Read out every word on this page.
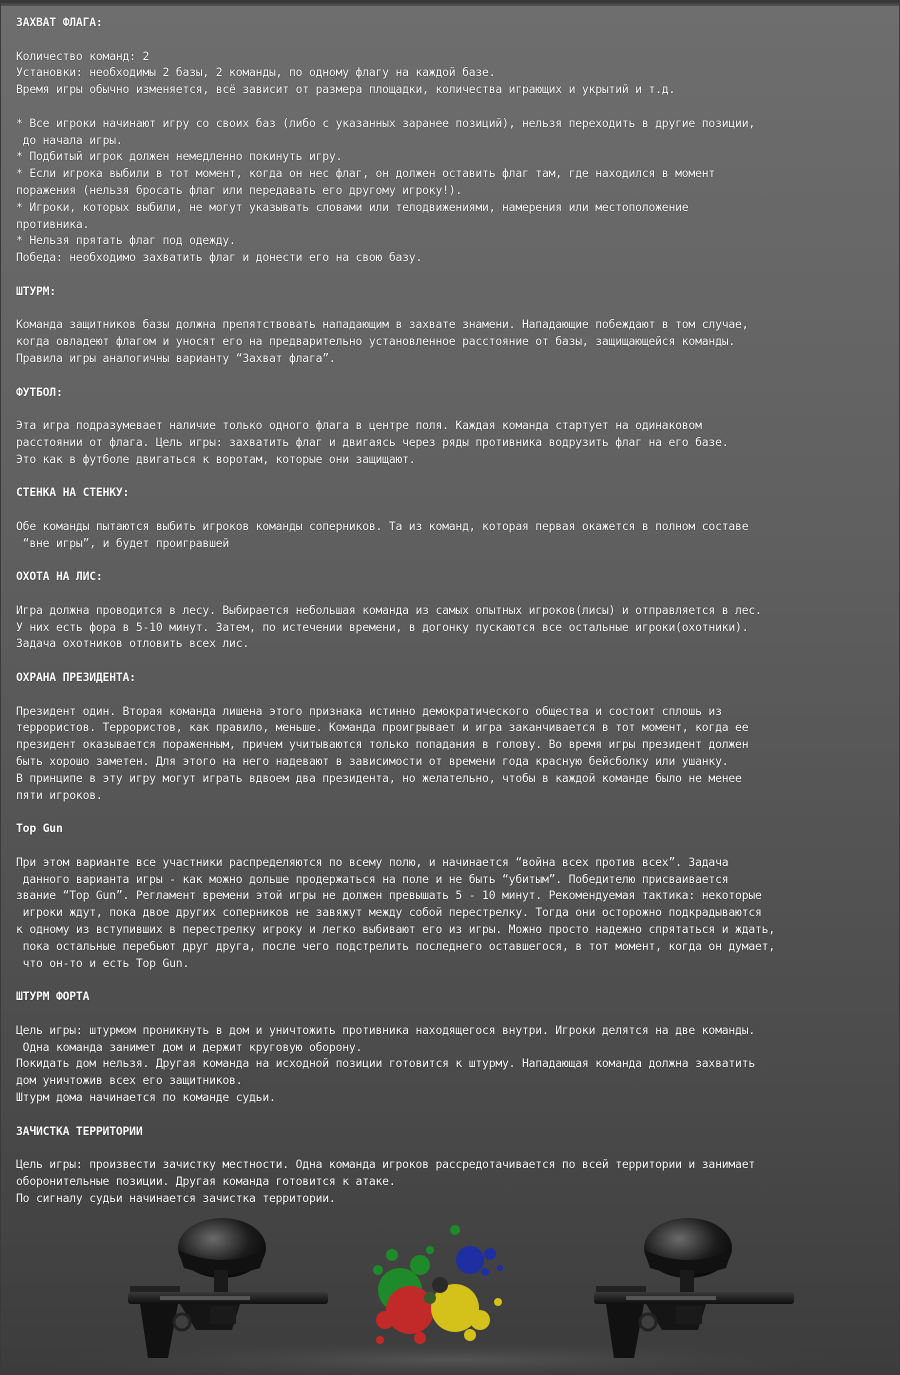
ЗАХВАТ ФЛАГА:

Количество команд: 2

Установки: необходимы 2 базы, 2 команды, по одному флагу на каждой базе.

Время игры обычно изменяется, всё зависит от размера площадки, количества играющих и укрытий и т.д.

* Все игроки начинают игру со своих баз (либо с указанных заранее позиций), нельзя переходить в другие позиции,

до начала игры.

* Подбитый игрок должен немедленно покинуть игру.

* Если игрока выбили в тот момент, когда он нес флаг, он должен оставить флаг там, где находился в момент

поражения (нельзя бросать флаг или передавать его другому игроку!).

* Игроки, которых выбили, не могут указывать словами или телодвижениями, намерения или местоположение

противника.

* Нельзя прятать флаг под одежду.

Победа: необходимо захватить флаг и донести его на свою базу.

ШТУРМ:

Команда защитников базы должна препятствовать нападающим в захвате знамени. Нападающие побеждают в том случае,

когда овладеют флагом и уносят его на предварительно установленное расстояние от базы, защищающейся команды.

Правила игры аналогичны варианту “Захват флага”.

ФУТБОЛ:

Эта игра подразумевает наличие только одного флага в центре поля. Каждая команда стартует на одинаковом

расстоянии от флага. Цель игры: захватить флаг и двигаясь через ряды противника водрузить флаг на его базе.

Это как в футболе двигаться к воротам, которые они защищают.

СТЕНКА НА СТЕНКУ:

Обе команды пытаются выбить игроков команды соперников. Та из команд, которая первая окажется в полном составе

“вне игры”, и будет проигравшей

ОХОТА НА ЛИС:

Игра должна проводится в лесу. Выбирается небольшая команда из самых опытных игроков(лисы) и отправляется в лес.

У них есть фора в 5-10 минут. Затем, по истечении времени, в догонку пускаются все остальные игроки(охотники).

Задача охотников отловить всех лис.

ОХРАНА ПРЕЗИДЕНТА:

Президент один. Вторая команда лишена этого признака истинно демократического общества и состоит сплошь из

террористов. Террористов, как правило, меньше. Команда проигрывает и игра заканчивается в тот момент, когда ее

президент оказывается пораженным, причем учитываются только попадания в голову. Во время игры президент должен

быть хорошо заметен. Для этого на него надевают в зависимости от времени года красную бейсболку или ушанку.

В принципе в эту игру могут играть вдвоем два президента, но желательно, чтобы в каждой команде было не менее

пяти игроков.

Top Gun

При этом варианте все участники распределяются по всему полю, и начинается “война всех против всех”. Задача

данного варианта игры - как можно дольше продержаться на поле и не быть “убитым”. Победителю присваивается

звание “Top Gun”. Регламент времени этой игры не должен превышать 5 - 10 минут. Рекомендуемая тактика: некоторые

игроки ждут, пока двое других соперников не завяжут между собой перестрелку. Тогда они осторожно подкрадываются

к одному из вступивших в перестрелку игроку и легко выбивают его из игры. Можно просто надежно спрятаться и ждать,

пока остальные перебьют друг друга, после чего подстрелить последнего оставшегося, в тот момент, когда он думает,

что он-то и есть Top Gun.

ШТУРМ ФОРТА

Цель игры: штурмом проникнуть в дом и уничтожить противника находящегося внутри. Игроки делятся на две команды.

Одна команда занимет дом и держит круговую оборону.

Покидать дом нельзя. Другая команда на исходной позиции готовится к штурму. Нападающая команда должна захватить

дом уничтожив всех его защитников.

Штурм дома начинается по команде судьи.

ЗАЧИСТКА ТЕРРИТОРИИ

Цель игры: произвести зачистку местности. Одна команда игроков рассредотачивается по всей территории и занимает

оборонительные позиции. Другая команда готовится к атаке.

По сигналу судьи начинается зачистка территории.
